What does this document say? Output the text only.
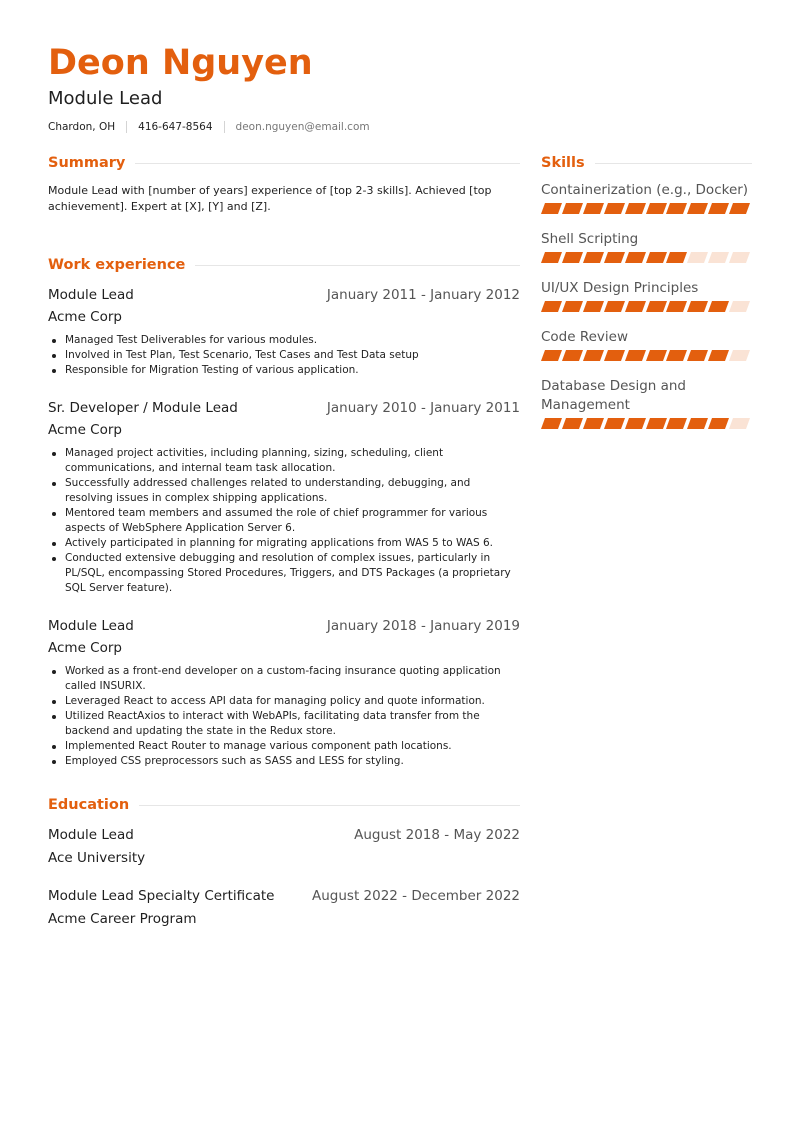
Deon Nguyen
Module Lead
Chardon, OH 416-647-8564 deon.nguyen@email.com
Summary

Module Lead with [number of years] experience of [top 2-3 skills]. Achieved [top achievement]. Expert at [X], [Y] and [Z].

Work experience
Module Lead	January 2011 - January 2012
Acme Corp
Managed Test Deliverables for various modules.
Involved in Test Plan, Test Scenario, Test Cases and Test Data setup
Responsible for Migration Testing of various application.
Sr. Developer / Module Lead	January 2010 - January 2011
Acme Corp
Managed project activities, including planning, sizing, scheduling, client communications, and internal team task allocation.
Successfully addressed challenges related to understanding, debugging, and resolving issues in complex shipping applications.
Mentored team members and assumed the role of chief programmer for various aspects of WebSphere Application Server 6.
Actively participated in planning for migrating applications from WAS 5 to WAS 6.
Conducted extensive debugging and resolution of complex issues, particularly in PL/SQL, encompassing Stored Procedures, Triggers, and DTS Packages (a proprietary SQL Server feature).
Module Lead	January 2018 - January 2019
Acme Corp
Worked as a front-end developer on a custom-facing insurance quoting application called INSURIX.
Leveraged React to access API data for managing policy and quote information.
Utilized ReactAxios to interact with WebAPIs, facilitating data transfer from the backend and updating the state in the Redux store.
Implemented React Router to manage various component path locations.
Employed CSS preprocessors such as SASS and LESS for styling.
Education
Module Lead	August 2018 - May 2022
Ace University
Module Lead Specialty Certificate	August 2022 - December 2022
Acme Career Program
Skills
Containerization (e.g., Docker)
Shell Scripting
UI/UX Design Principles
Code Review
Database Design and Management
